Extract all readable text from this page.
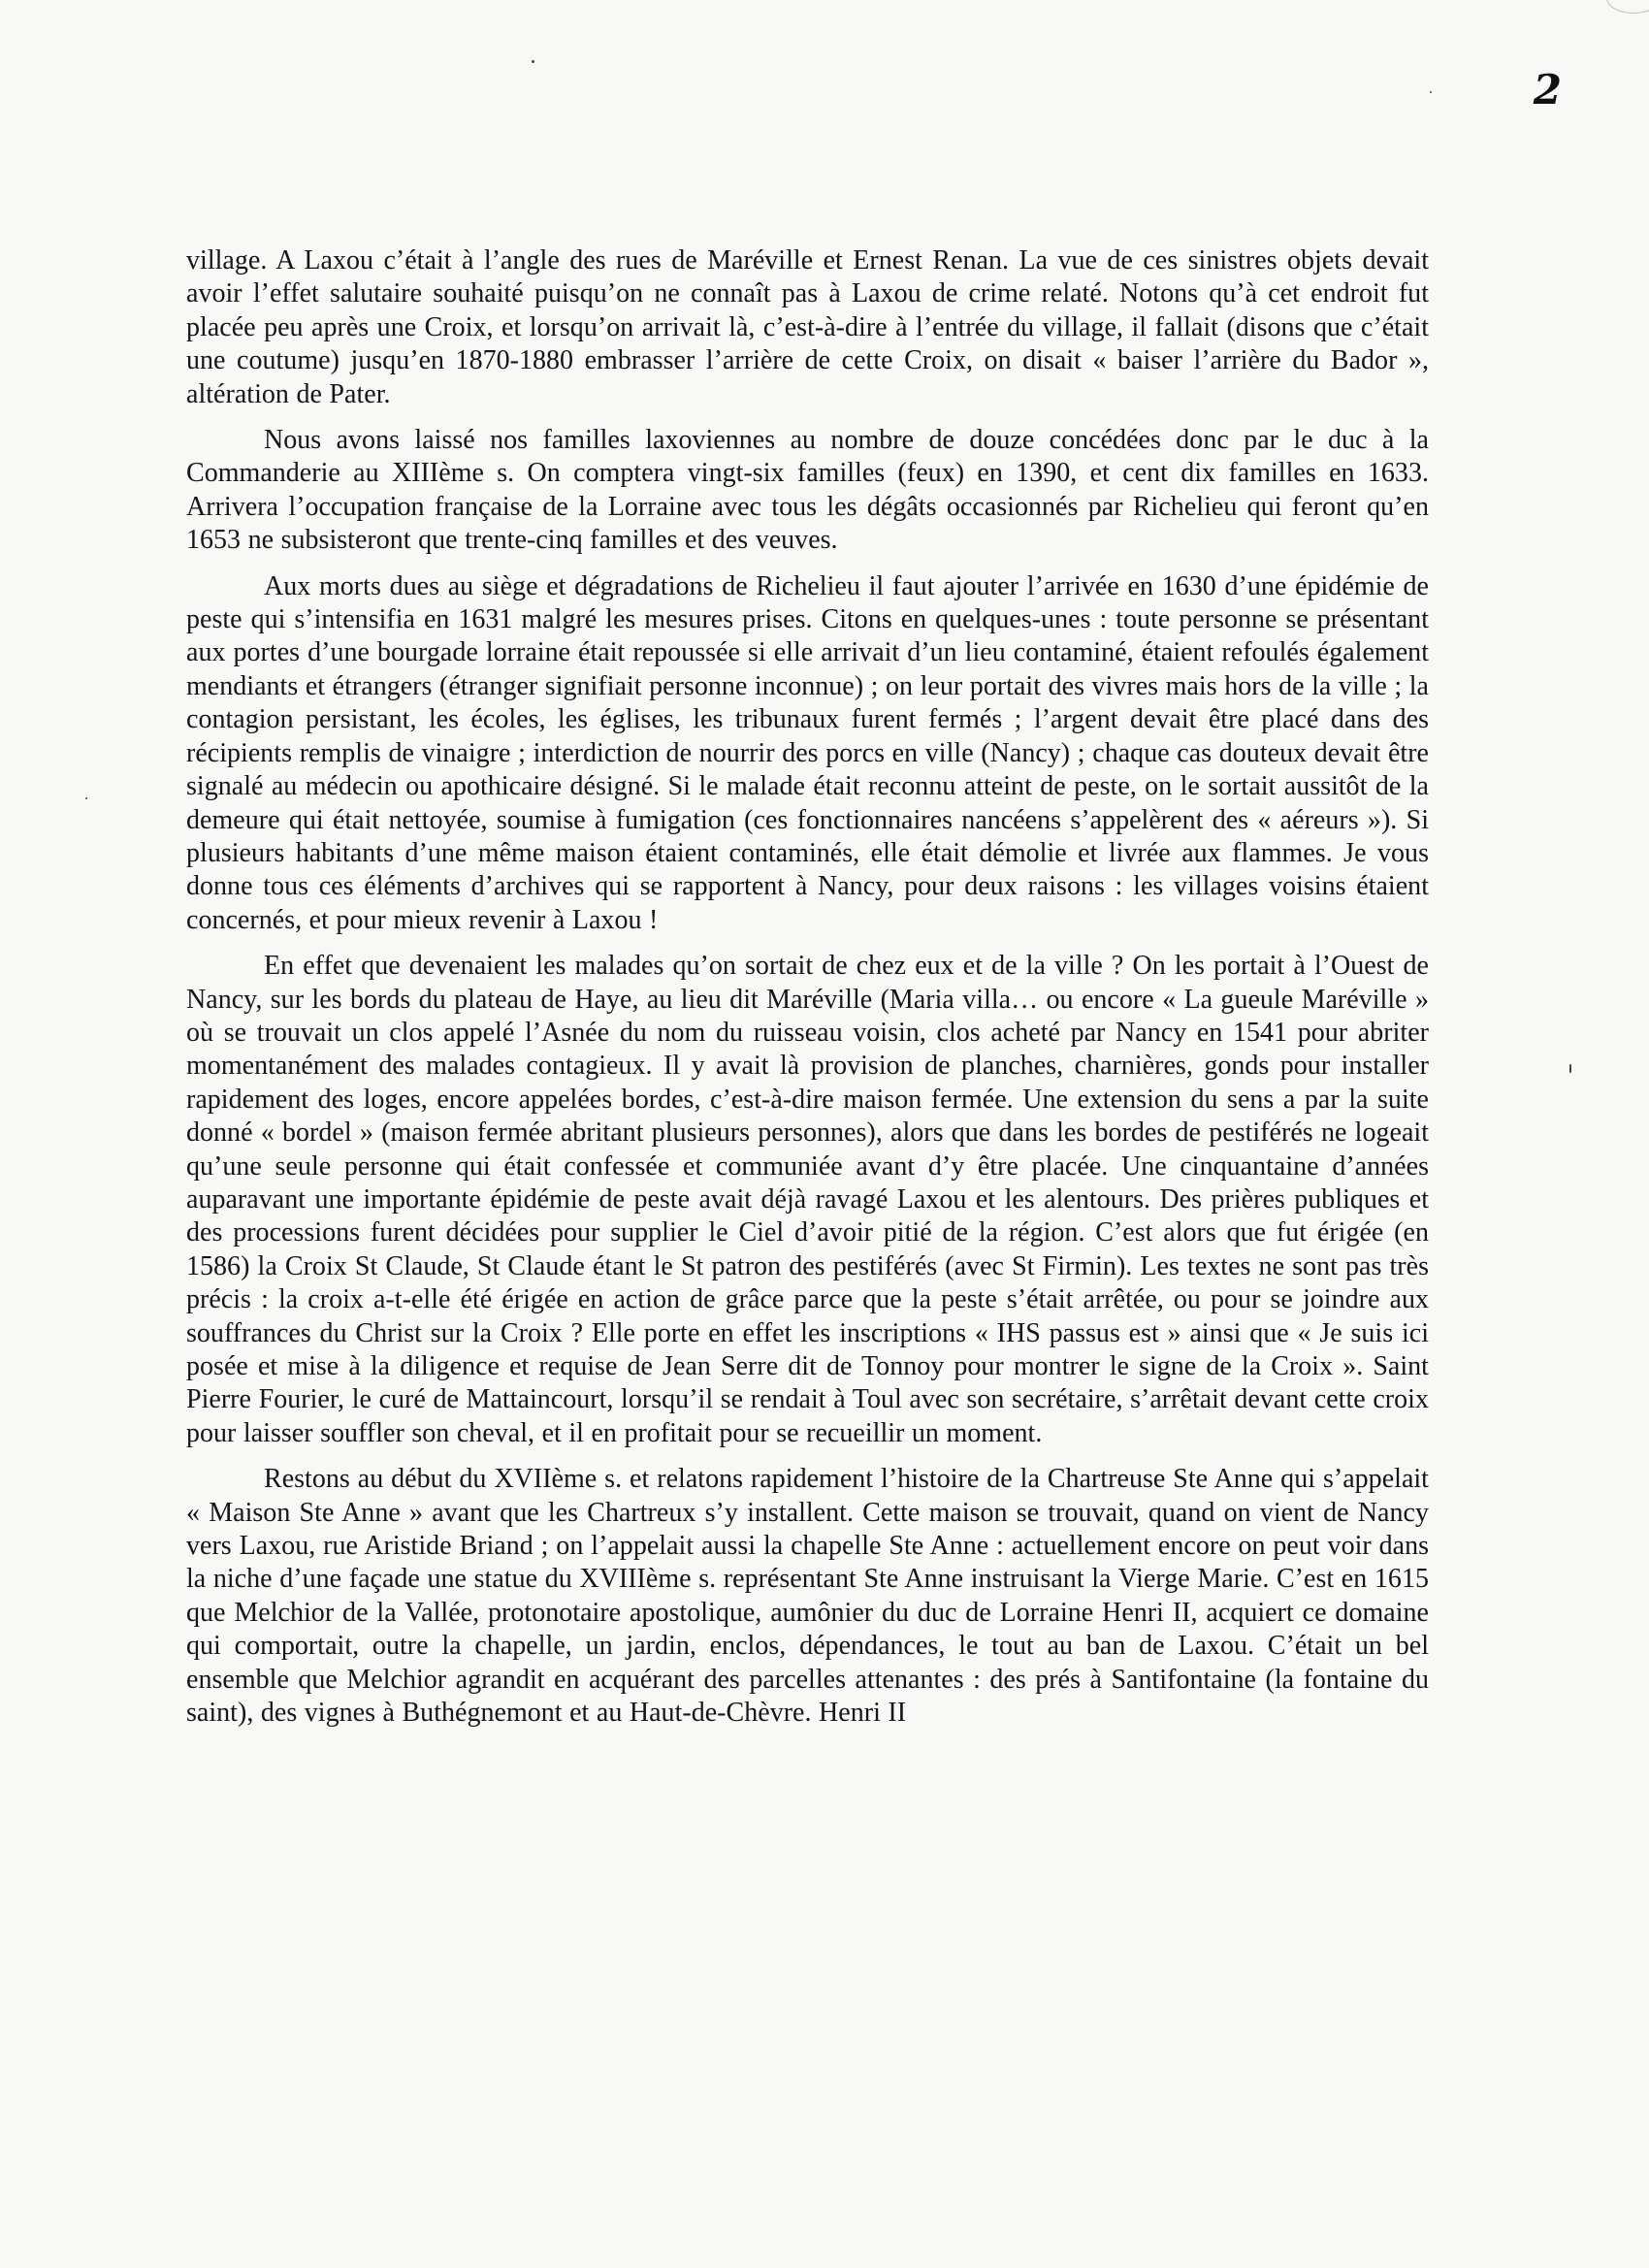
2

village. A Laxou c’était à l’angle des rues de Maréville et Ernest Renan. La vue de ces sinistres objets devait avoir l’effet salutaire souhaité puisqu’on ne connaît pas à Laxou de crime relaté. Notons qu’à cet endroit fut placée peu après une Croix, et lorsqu’on arrivait là, c’est-à-dire à l’entrée du village, il fallait (disons que c’était une coutume) jusqu’en 1870-1880 embrasser l’arrière de cette Croix, on disait « baiser l’arrière du Bador », altération de Pater.

Nous avons laissé nos familles laxoviennes au nombre de douze concédées donc par le duc à la Commanderie au XIIIème s. On comptera vingt-six familles (feux) en 1390, et cent dix familles en 1633. Arrivera l’occupation française de la Lorraine avec tous les dégâts occasionnés par Richelieu qui feront qu’en 1653 ne subsisteront que trente-cinq familles et des veuves.

Aux morts dues au siège et dégradations de Richelieu il faut ajouter l’arrivée en 1630 d’une épidémie de peste qui s’intensifia en 1631 malgré les mesures prises. Citons en quelques-unes : toute personne se présentant aux portes d’une bourgade lorraine était repoussée si elle arrivait d’un lieu contaminé, étaient refoulés également mendiants et étrangers (étranger signifiait personne inconnue) ; on leur portait des vivres mais hors de la ville ; la contagion persistant, les écoles, les églises, les tribunaux furent fermés ; l’argent devait être placé dans des récipients remplis de vinaigre ; interdiction de nourrir des porcs en ville (Nancy) ; chaque cas douteux devait être signalé au médecin ou apothicaire désigné. Si le malade était reconnu atteint de peste, on le sortait aussitôt de la demeure qui était nettoyée, soumise à fumigation (ces fonctionnaires nancéens s’appelèrent des « aéreurs »). Si plusieurs habitants d’une même maison étaient contaminés, elle était démolie et livrée aux flammes. Je vous donne tous ces éléments d’archives qui se rapportent à Nancy, pour deux raisons : les villages voisins étaient concernés, et pour mieux revenir à Laxou !

En effet que devenaient les malades qu’on sortait de chez eux et de la ville ? On les portait à l’Ouest de Nancy, sur les bords du plateau de Haye, au lieu dit Maréville (Maria villa… ou encore « La gueule Maréville » où se trouvait un clos appelé l’Asnée du nom du ruisseau voisin, clos acheté par Nancy en 1541 pour abriter momentanément des malades contagieux. Il y avait là provision de planches, charnières, gonds pour installer rapidement des loges, encore appelées bordes, c’est-à-dire maison fermée. Une extension du sens a par la suite donné « bordel » (maison fermée abritant plusieurs personnes), alors que dans les bordes de pestiférés ne logeait qu’une seule personne qui était confessée et communiée avant d’y être placée. Une cinquantaine d’années auparavant une importante épidémie de peste avait déjà ravagé Laxou et les alentours. Des prières publiques et des processions furent décidées pour supplier le Ciel d’avoir pitié de la région. C’est alors que fut érigée (en 1586) la Croix St Claude, St Claude étant le St patron des pestiférés (avec St Firmin). Les textes ne sont pas très précis : la croix a-t-elle été érigée en action de grâce parce que la peste s’était arrêtée, ou pour se joindre aux souffrances du Christ sur la Croix ? Elle porte en effet les inscriptions « IHS passus est » ainsi que « Je suis ici posée et mise à la diligence et requise de Jean Serre dit de Tonnoy pour montrer le signe de la Croix ». Saint Pierre Fourier, le curé de Mattaincourt, lorsqu’il se rendait à Toul avec son secrétaire, s’arrêtait devant cette croix pour laisser souffler son cheval, et il en profitait pour se recueillir un moment.

Restons au début du XVIIème s. et relatons rapidement l’histoire de la Chartreuse Ste Anne qui s’appelait « Maison Ste Anne » avant que les Chartreux s’y installent. Cette maison se trouvait, quand on vient de Nancy vers Laxou, rue Aristide Briand ; on l’appelait aussi la chapelle Ste Anne : actuellement encore on peut voir dans la niche d’une façade une statue du XVIIIème s. représentant Ste Anne instruisant la Vierge Marie. C’est en 1615 que Melchior de la Vallée, protonotaire apostolique, aumônier du duc de Lorraine Henri II, acquiert ce domaine qui comportait, outre la chapelle, un jardin, enclos, dépendances, le tout au ban de Laxou. C’était un bel ensemble que Melchior agrandit en acquérant des parcelles attenantes : des prés à Santifontaine (la fontaine du saint), des vignes à Buthégnemont et au Haut-de-Chèvre. Henri II
